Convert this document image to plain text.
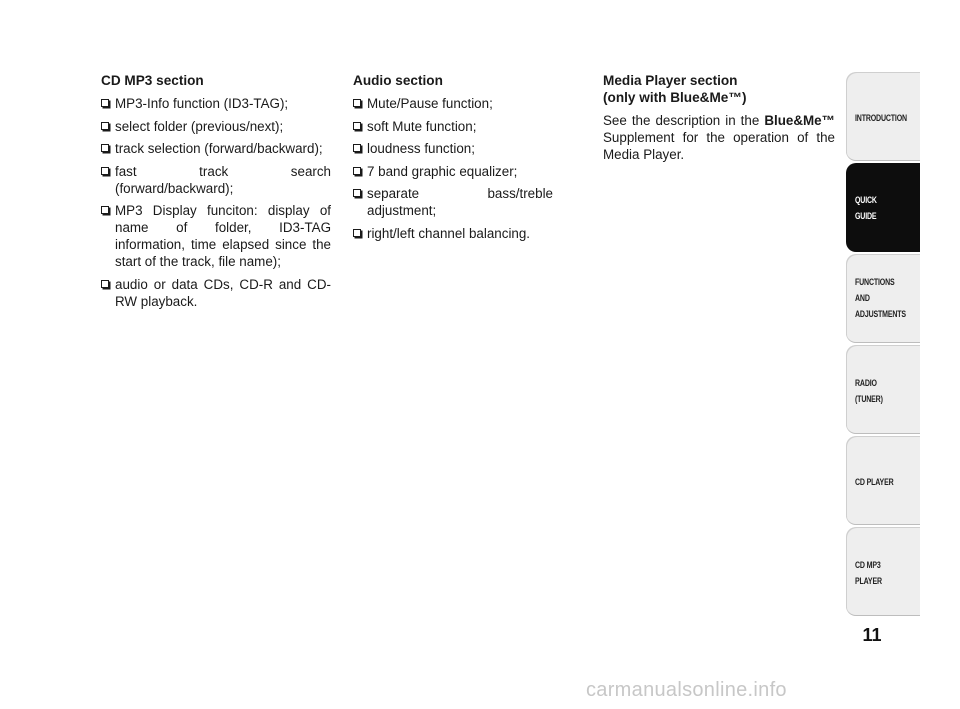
CD MP3 section

MP3-Info function (ID3-TAG);
select folder (previous/next);
track selection (forward/backward);
fast track search (forward/backward);
MP3 Display funciton: display of name of folder, ID3-TAG information, time elapsed since the start of the track, file name);
audio or data CDs, CD-R and CD-RW playback.

Audio section

Mute/Pause function;
soft Mute function;
loudness function;
7 band graphic equalizer;
separate bass/treble adjustment;
right/left channel balancing.

Media Player section
(only with Blue&Me™)

See the description in the Blue&Me™ Supplement for the operation of the Media Player.

INTRODUCTION
QUICK
GUIDE
FUNCTIONS
AND
ADJUSTMENTS
RADIO
(TUNER)
CD PLAYER
CD MP3
PLAYER
11
carmanualsonline.info
